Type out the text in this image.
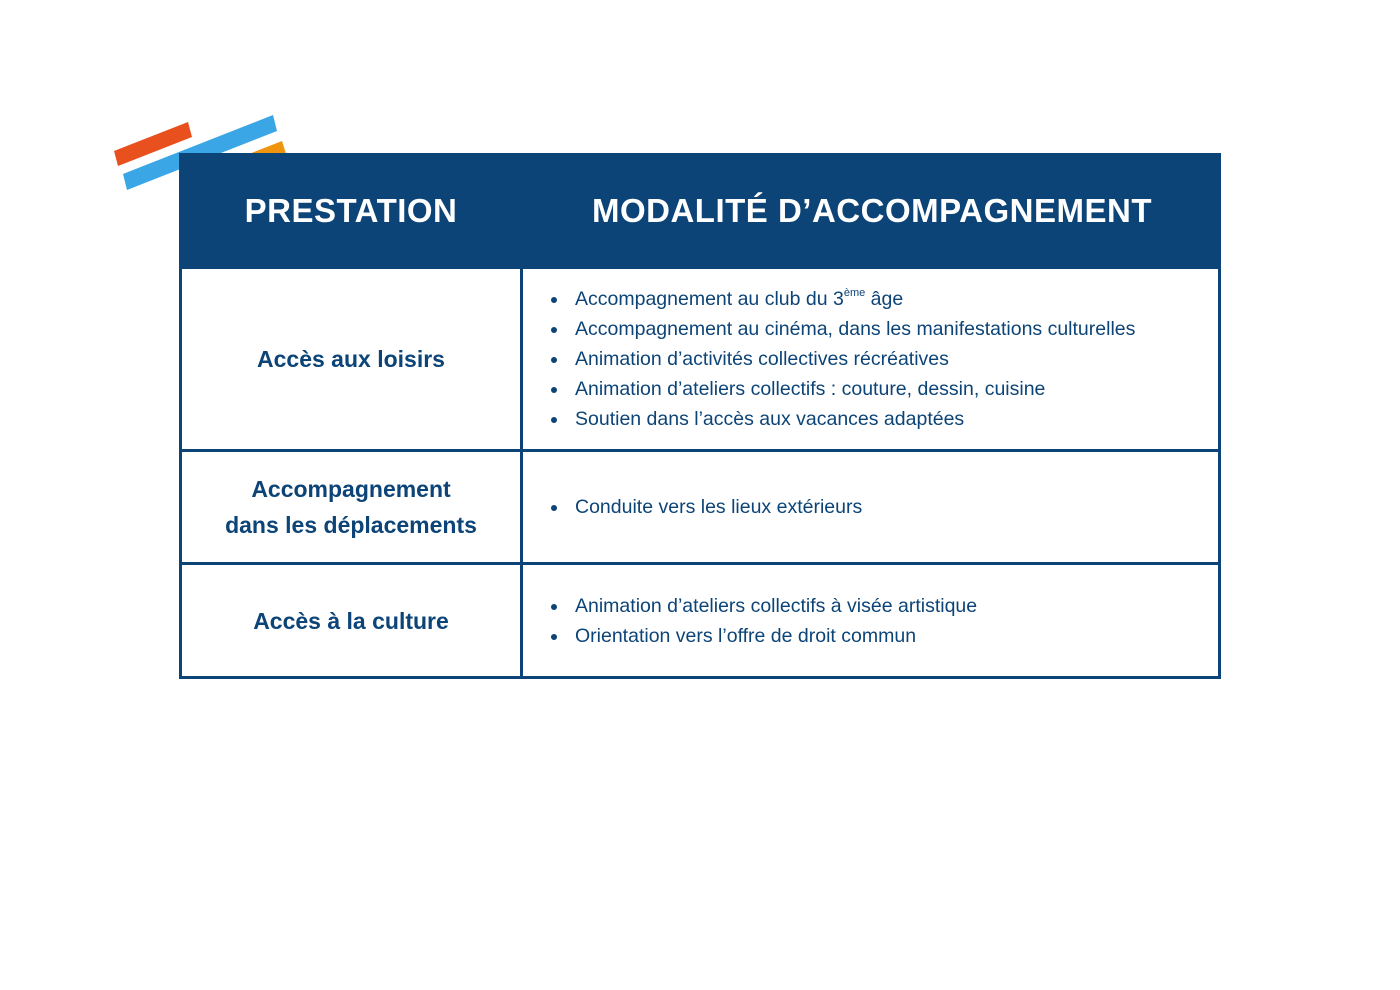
PRESTATION	MODALITÉ D’ACCOMPAGNEMENT
Accès aux loisirs
Accompagnement au club du 3ème âge
Accompagnement au cinéma, dans les manifestations culturelles
Animation d’activités collectives récréatives
Animation d’ateliers collectifs : couture, dessin, cuisine
Soutien dans l’accès aux vacances adaptées
Accompagnement
dans les déplacements
Conduite vers les lieux extérieurs
Accès à la culture
Animation d’ateliers collectifs à visée artistique
Orientation vers l’offre de droit commun
